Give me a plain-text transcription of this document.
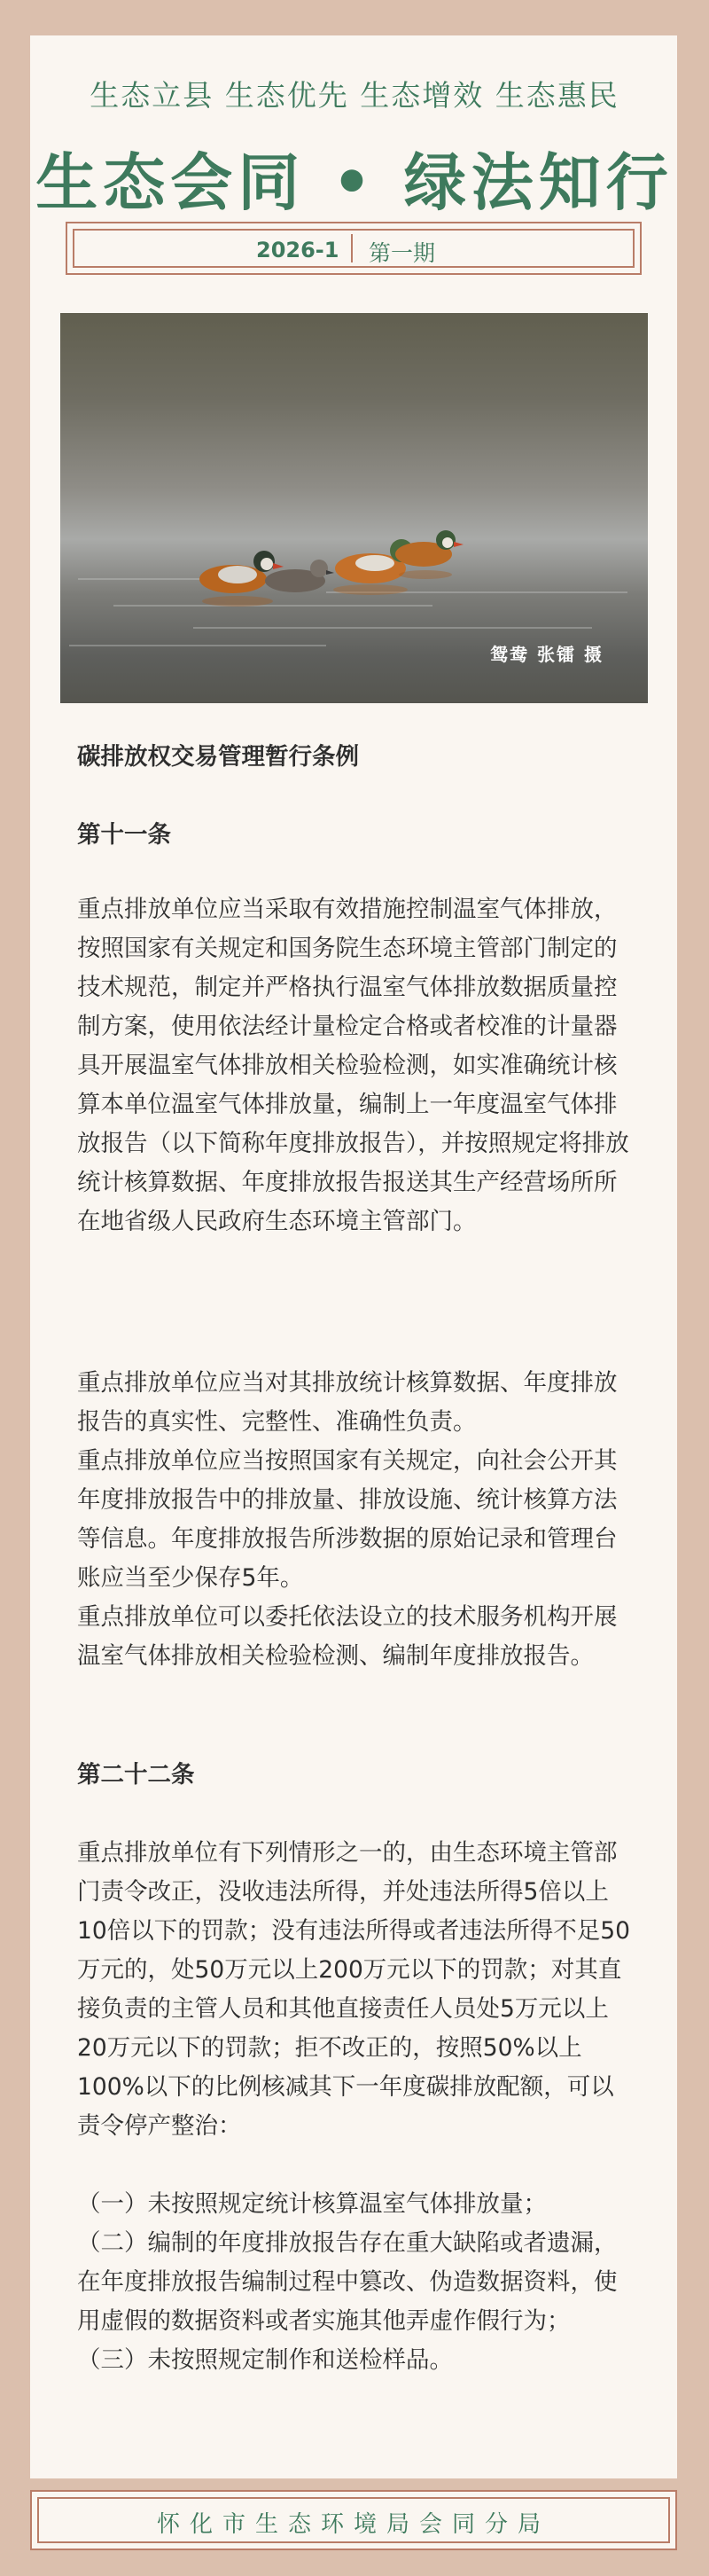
生态立县 生态优先 生态增效 生态惠民
生态会同 • 绿法知行
2026-1 第一期
鸳鸯 张镭 摄

碳排放权交易管理暂行条例

第十一条

重点排放单位应当采取有效措施控制温室气体排放，按照国家有关规定和国务院生态环境主管部门制定的技术规范，制定并严格执行温室气体排放数据质量控制方案，使用依法经计量检定合格或者校准的计量器具开展温室气体排放相关检验检测，如实准确统计核算本单位温室气体排放量，编制上一年度温室气体排放报告（以下简称年度排放报告），并按照规定将排放统计核算数据、年度排放报告报送其生产经营场所所在地省级人民政府生态环境主管部门。

重点排放单位应当对其排放统计核算数据、年度排放报告的真实性、完整性、准确性负责。

重点排放单位应当按照国家有关规定，向社会公开其年度排放报告中的排放量、排放设施、统计核算方法等信息。年度排放报告所涉数据的原始记录和管理台账应当至少保存5年。

重点排放单位可以委托依法设立的技术服务机构开展温室气体排放相关检验检测、编制年度排放报告。

第二十二条

重点排放单位有下列情形之一的，由生态环境主管部门责令改正，没收违法所得，并处违法所得5倍以上10倍以下的罚款；没有违法所得或者违法所得不足50万元的，处50万元以上200万元以下的罚款；对其直接负责的主管人员和其他直接责任人员处5万元以上20万元以下的罚款；拒不改正的，按照50%以上100%以下的比例核减其下一年度碳排放配额，可以责令停产整治：

（一）未按照规定统计核算温室气体排放量；

（二）编制的年度排放报告存在重大缺陷或者遗漏，在年度排放报告编制过程中篡改、伪造数据资料，使用虚假的数据资料或者实施其他弄虚作假行为；

（三）未按照规定制作和送检样品。

怀化市生态环境局会同分局
